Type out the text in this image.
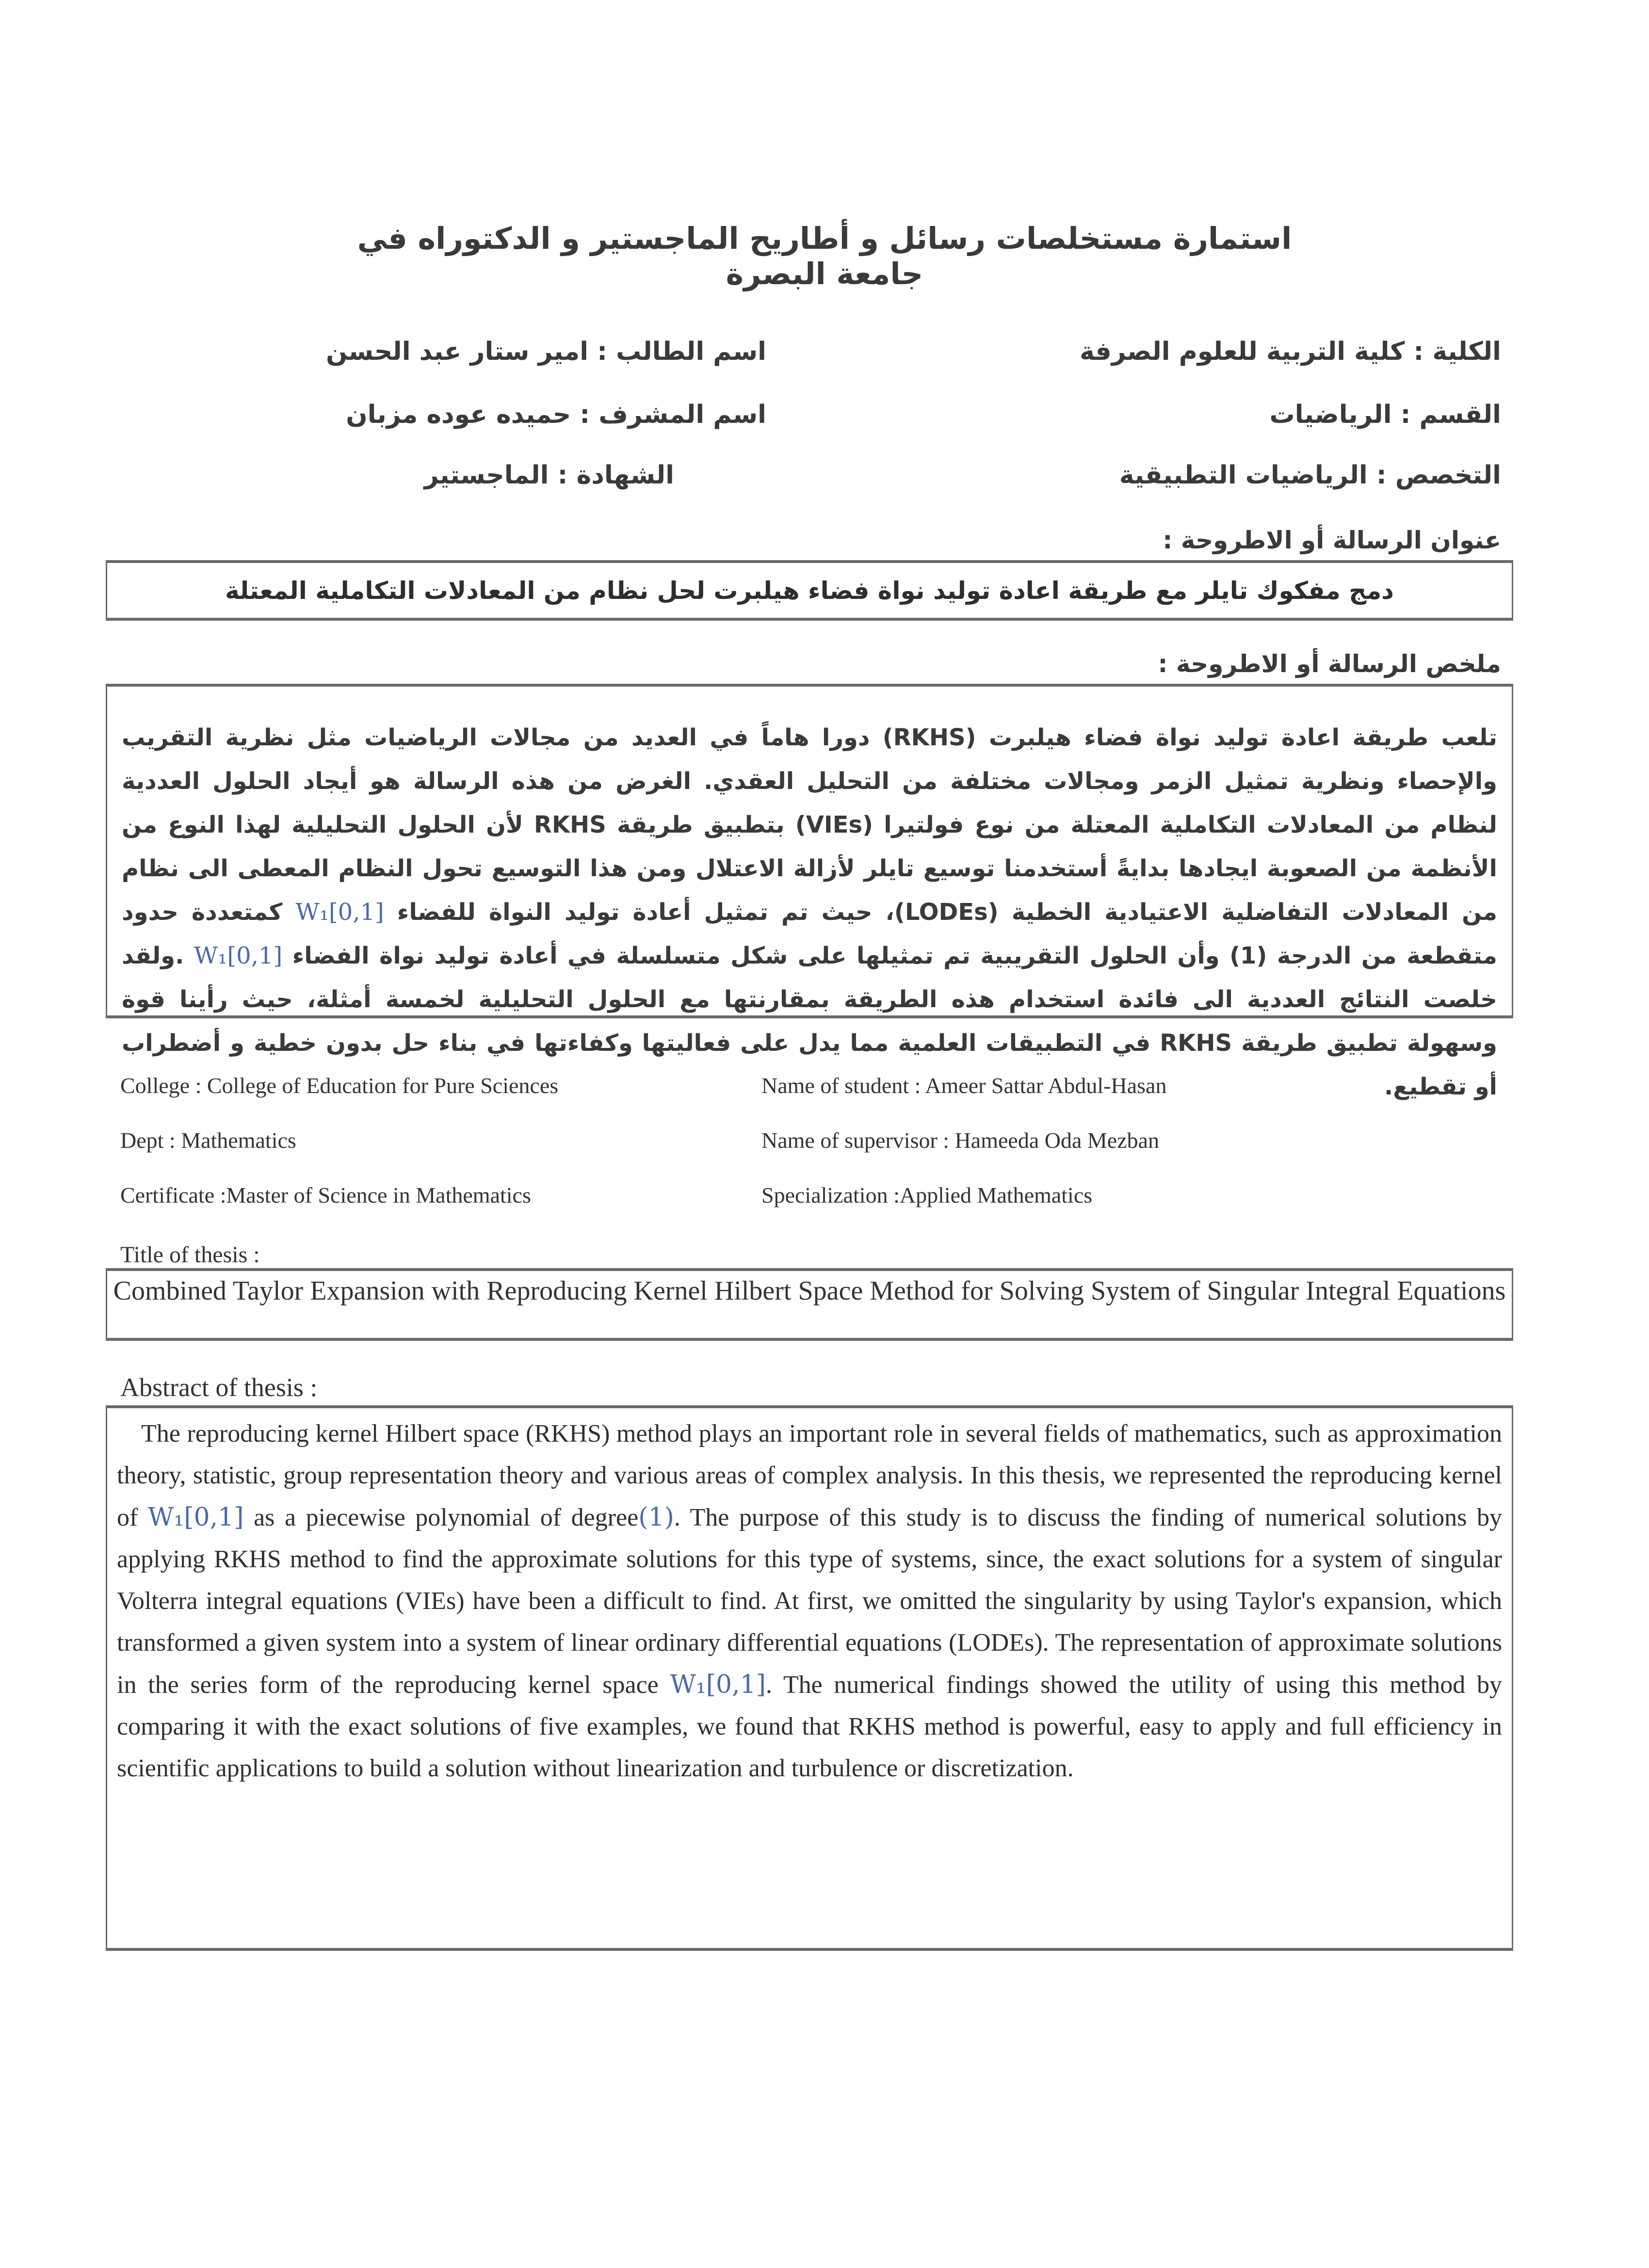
استمارة مستخلصات رسائل و أطاريح الماجستير و الدكتوراه في جامعة البصرة
الكلية : كلية التربية للعلوم الصرفة
اسم الطالب : امير ستار عبد الحسن
القسم : الرياضيات
اسم المشرف : حميده عوده مزبان
التخصص : الرياضيات التطبيقية
الشهادة : الماجستير
عنوان الرسالة أو الاطروحة :
دمج مفكوك تايلر مع طريقة اعادة توليد نواة فضاء هيلبرت لحل نظام من المعادلات التكاملية المعتلة
ملخص الرسالة أو الاطروحة :
تلعب طريقة اعادة توليد نواة فضاء هيلبرت (RKHS) دورا هاماً في العديد من مجالات الرياضيات مثل نظرية التقريب والإحصاء ونظرية تمثيل الزمر ومجالات مختلفة من التحليل العقدي. الغرض من هذه الرسالة هو أيجاد الحلول العددية لنظام من المعادلات التكاملية المعتلة من نوع فولتيرا (VIEs) بتطبيق طريقة RKHS لأن الحلول التحليلية لهذا النوع من الأنظمة من الصعوبة ايجادها بدايةً أستخدمنا توسيع تايلر لأزالة الاعتلال ومن هذا التوسيع تحول النظام المعطى الى نظام من المعادلات التفاضلية الاعتيادية الخطية (LODEs)، حيث تم تمثيل أعادة توليد النواة للفضاء W₁[0,1] كمتعددة حدود متقطعة من الدرجة (1) وأن الحلول التقريبية تم تمثيلها على شكل متسلسلة في أعادة توليد نواة الفضاء W₁[0,1] .ولقد خلصت النتائج العددية الى فائدة استخدام هذه الطريقة بمقارنتها مع الحلول التحليلية لخمسة أمثلة، حيث رأينا قوة وسهولة تطبيق طريقة RKHS في التطبيقات العلمية مما يدل على فعاليتها وكفاءتها في بناء حل بدون خطية و أضطراب أو تقطيع.
College : College of Education for Pure Sciences	Name of student : Ameer Sattar Abdul-Hasan
Dept : Mathematics	Name of supervisor : Hameeda Oda Mezban
Certificate :Master of Science in Mathematics	Specialization :Applied Mathematics
Title of thesis :
Combined Taylor Expansion with Reproducing Kernel Hilbert Space Method for Solving System of Singular Integral Equations
Abstract of thesis :
The reproducing kernel Hilbert space (RKHS) method plays an important role in several fields of mathematics, such as approximation theory, statistic, group representation theory and various areas of complex analysis. In this thesis, we represented the reproducing kernel of W₁[0,1] as a piecewise polynomial of degree(1). The purpose of this study is to discuss the finding of numerical solutions by applying RKHS method to find the approximate solutions for this type of systems, since, the exact solutions for a system of singular Volterra integral equations (VIEs) have been a difficult to find. At first, we omitted the singularity by using Taylor's expansion, which transformed a given system into a system of linear ordinary differential equations (LODEs). The representation of approximate solutions in the series form of the reproducing kernel space W₁[0,1]. The numerical findings showed the utility of using this method by comparing it with the exact solutions of five examples, we found that RKHS method is powerful, easy to apply and full efficiency in scientific applications to build a solution without linearization and turbulence or discretization.
